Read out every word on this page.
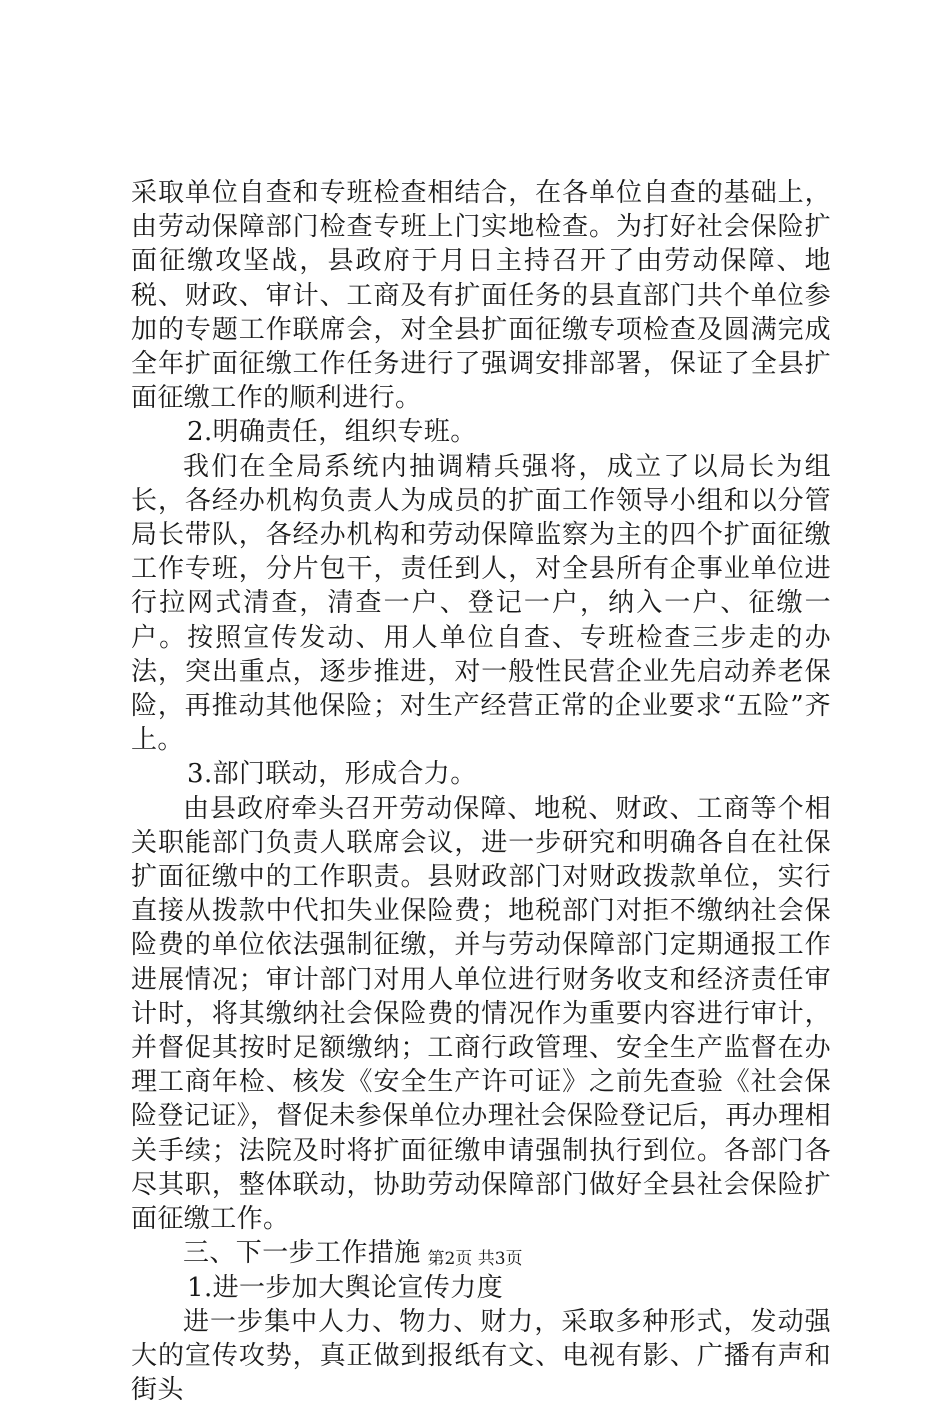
采取单位自查和专班检查相结合，在各单位自查的基础上，由劳动保障部门检查专班上门实地检查。为打好社会保险扩面征缴攻坚战，县政府于月日主持召开了由劳动保障、地税、财政、审计、工商及有扩面任务的县直部门共个单位参加的专题工作联席会，对全县扩面征缴专项检查及圆满完成全年扩面征缴工作任务进行了强调安排部署，保证了全县扩面征缴工作的顺利进行。

2.明确责任，组织专班。

我们在全局系统内抽调精兵强将，成立了以局长为组长，各经办机构负责人为成员的扩面工作领导小组和以分管局长带队，各经办机构和劳动保障监察为主的四个扩面征缴工作专班，分片包干，责任到人，对全县所有企事业单位进行拉网式清查，清查一户、登记一户，纳入一户、征缴一户。按照宣传发动、用人单位自查、专班检查三步走的办法，突出重点，逐步推进，对一般性民营企业先启动养老保险，再推动其他保险；对生产经营正常的企业要求“五险”齐上。

3.部门联动，形成合力。

由县政府牵头召开劳动保障、地税、财政、工商等个相关职能部门负责人联席会议，进一步研究和明确各自在社保扩面征缴中的工作职责。县财政部门对财政拨款单位，实行直接从拨款中代扣失业保险费；地税部门对拒不缴纳社会保险费的单位依法强制征缴，并与劳动保障部门定期通报工作进展情况；审计部门对用人单位进行财务收支和经济责任审计时，将其缴纳社会保险费的情况作为重要内容进行审计，并督促其按时足额缴纳；工商行政管理、安全生产监督在办理工商年检、核发《安全生产许可证》之前先查验《社会保险登记证》，督促未参保单位办理社会保险登记后，再办理相关手续；法院及时将扩面征缴申请强制执行到位。各部门各尽其职，整体联动，协助劳动保障部门做好全县社会保险扩面征缴工作。

三、下一步工作措施

1.进一步加大舆论宣传力度

进一步集中人力、物力、财力，采取多种形式，发动强大的宣传攻势，真正做到报纸有文、电视有影、广播有声和街头

第2页 共3页
